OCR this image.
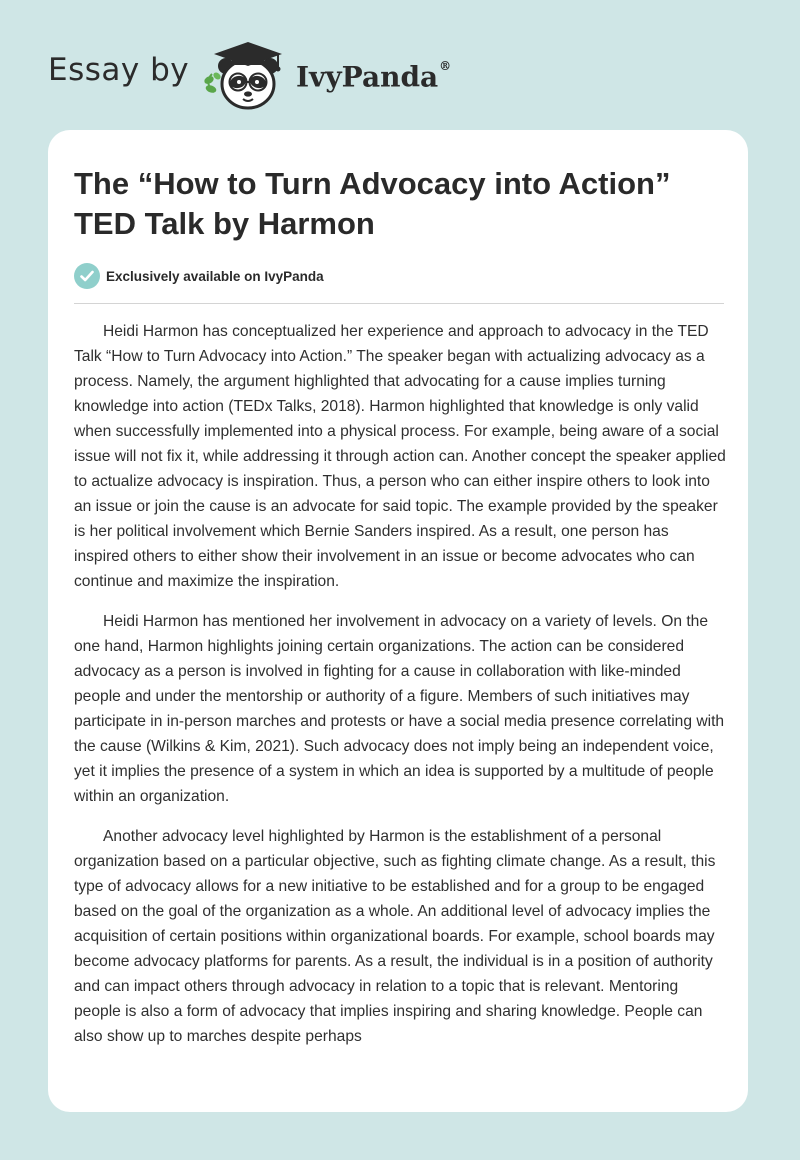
Essay by	IvyPanda®
The “How to Turn Advocacy into Action” TED Talk by Harmon
Exclusively available on IvyPanda

Heidi Harmon has conceptualized her experience and approach to advocacy in the TED Talk “How to Turn Advocacy into Action.” The speaker began with actualizing advocacy as a process. Namely, the argument highlighted that advocating for a cause implies turning knowledge into action (TEDx Talks, 2018). Harmon highlighted that knowledge is only valid when successfully implemented into a physical process. For example, being aware of a social issue will not fix it, while addressing it through action can. Another concept the speaker applied to actualize advocacy is inspiration. Thus, a person who can either inspire others to look into an issue or join the cause is an advocate for said topic. The example provided by the speaker is her political involvement which Bernie Sanders inspired. As a result, one person has inspired others to either show their involvement in an issue or become advocates who can continue and maximize the inspiration.

Heidi Harmon has mentioned her involvement in advocacy on a variety of levels. On the one hand, Harmon highlights joining certain organizations. The action can be considered advocacy as a person is involved in fighting for a cause in collaboration with like-minded people and under the mentorship or authority of a figure. Members of such initiatives may participate in in-person marches and protests or have a social media presence correlating with the cause (Wilkins & Kim, 2021). Such advocacy does not imply being an independent voice, yet it implies the presence of a system in which an idea is supported by a multitude of people within an organization.

Another advocacy level highlighted by Harmon is the establishment of a personal organization based on a particular objective, such as fighting climate change. As a result, this type of advocacy allows for a new initiative to be established and for a group to be engaged based on the goal of the organization as a whole. An additional level of advocacy implies the acquisition of certain positions within organizational boards. For example, school boards may become advocacy platforms for parents. As a result, the individual is in a position of authority and can impact others through advocacy in relation to a topic that is relevant. Mentoring people is also a form of advocacy that implies inspiring and sharing knowledge. People can also show up to marches despite perhaps
